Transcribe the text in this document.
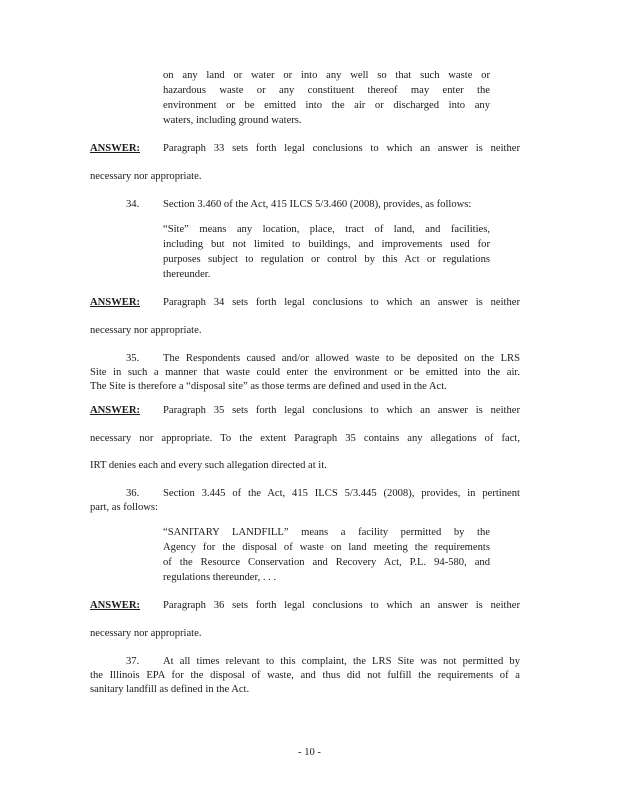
on any land or water or into any well so that such waste or
hazardous waste or any constituent thereof may enter the
environment or be emitted into the air or discharged into any
waters, including ground waters.
ANSWER: Paragraph 33 sets forth legal conclusions to which an answer is neither
necessary nor appropriate.
34. Section 3.460 of the Act, 415 ILCS 5/3.460 (2008), provides, as follows:
“Site” means any location, place, tract of land, and facilities,
including but not limited to buildings, and improvements used for
purposes subject to regulation or control by this Act or regulations
thereunder.
ANSWER: Paragraph 34 sets forth legal conclusions to which an answer is neither
necessary nor appropriate.
35. The Respondents caused and/or allowed waste to be deposited on the LRS
Site in such a manner that waste could enter the environment or be emitted into the air.
The Site is therefore a “disposal site” as those terms are defined and used in the Act.
ANSWER: Paragraph 35 sets forth legal conclusions to which an answer is neither
necessary nor appropriate. To the extent Paragraph 35 contains any allegations of fact,
IRT denies each and every such allegation directed at it.
36. Section 3.445 of the Act, 415 ILCS 5/3.445 (2008), provides, in pertinent
part, as follows:
“SANITARY LANDFILL” means a facility permitted by the
Agency for the disposal of waste on land meeting the requirements
of the Resource Conservation and Recovery Act, P.L. 94-580, and
regulations thereunder, . . .
ANSWER: Paragraph 36 sets forth legal conclusions to which an answer is neither
necessary nor appropriate.
37. At all times relevant to this complaint, the LRS Site was not permitted by
the Illinois EPA for the disposal of waste, and thus did not fulfill the requirements of a
sanitary landfill as defined in the Act.
- 10 -
